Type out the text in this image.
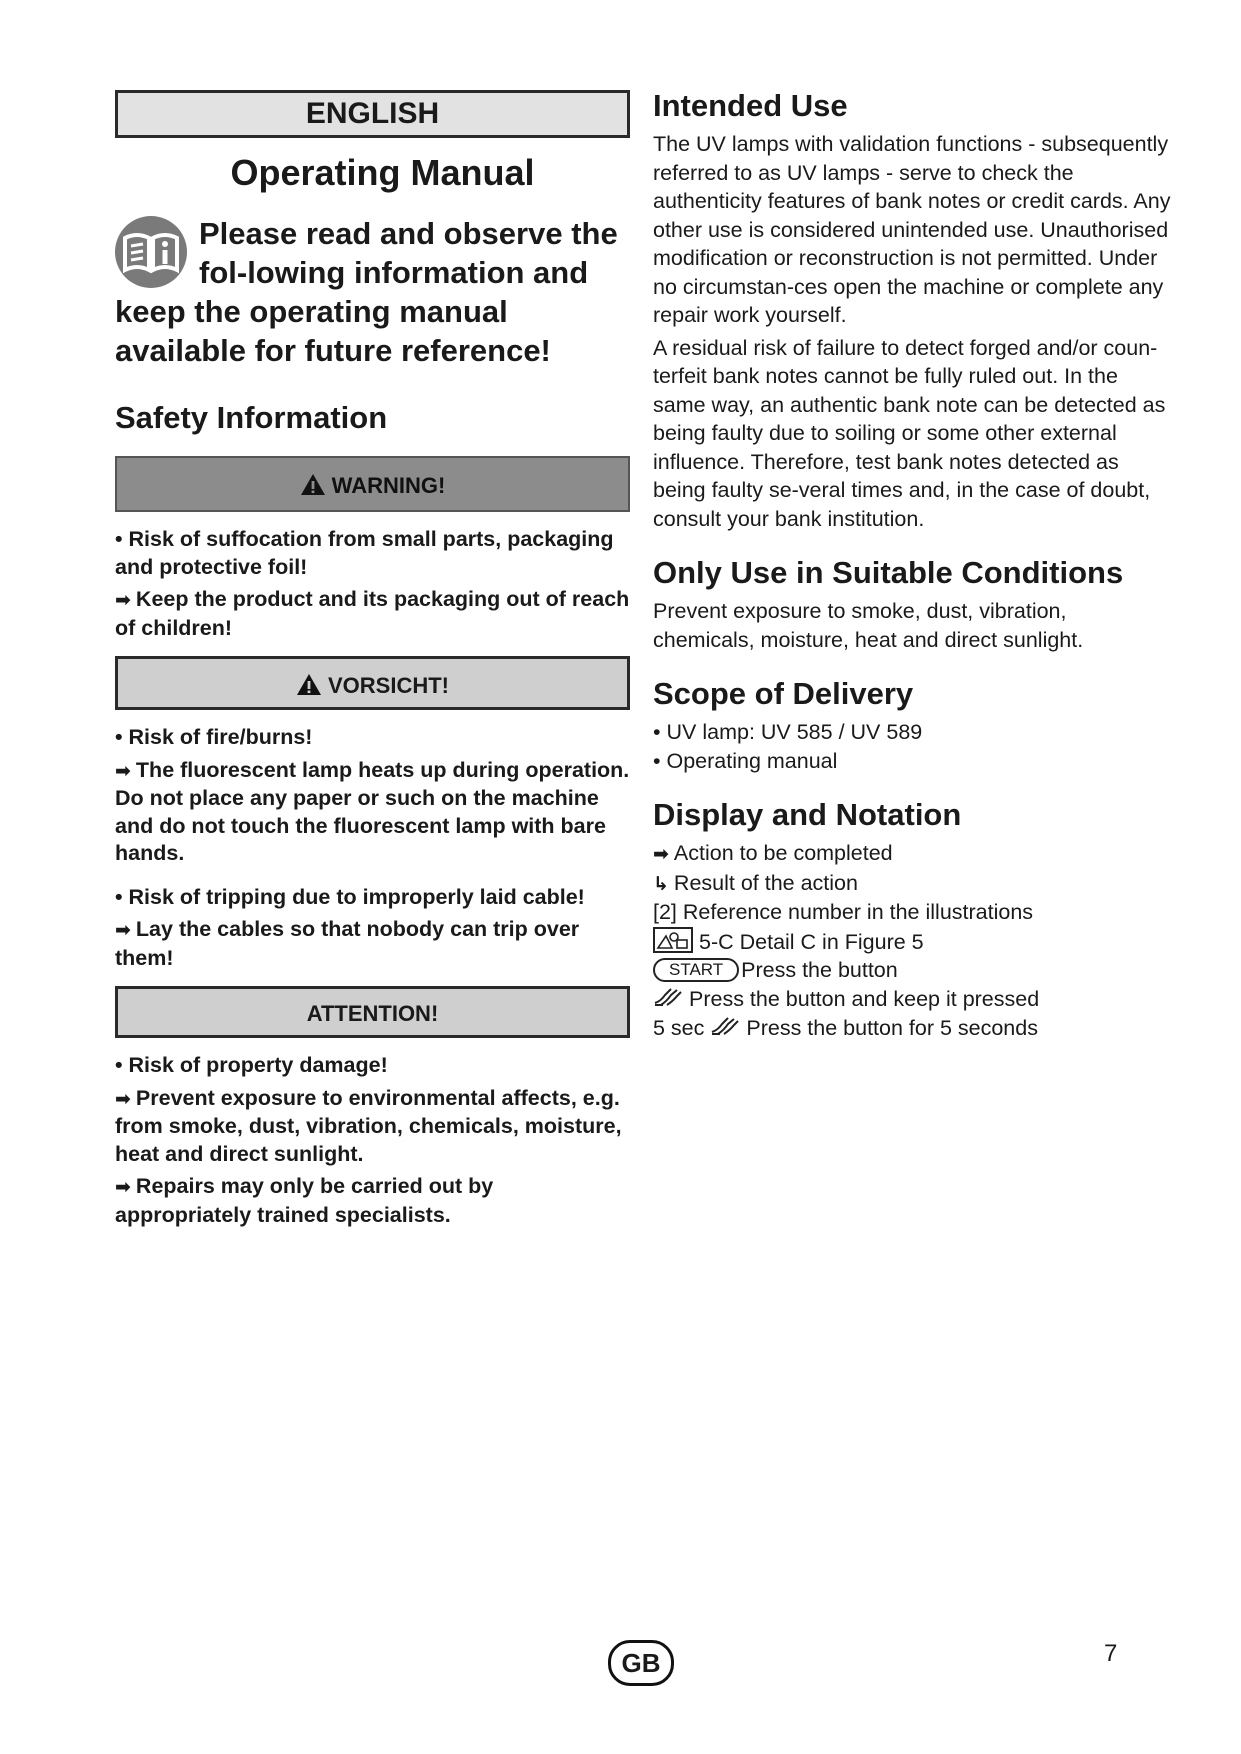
ENGLISH
Operating Manual
Please read and observe the fol-lowing information and keep the operating manual available for future reference!
Safety Information
WARNING!
• Risk of suffocation from small parts, packaging and protective foil!
➡ Keep the product and its packaging out of reach of children!
VORSICHT!
• Risk of fire/burns!
➡ The fluorescent lamp heats up during operation. Do not place any paper or such on the machine and do not touch the fluorescent lamp with bare hands.
• Risk of tripping due to improperly laid cable!
➡ Lay the cables so that nobody can trip over them!
ATTENTION!
• Risk of property damage!
➡ Prevent exposure to environmental affects, e.g. from smoke, dust, vibration, chemicals, moisture, heat and direct sunlight.
➡ Repairs may only be carried out by appropriately trained specialists.
Intended Use
The UV lamps with validation functions - subsequently referred to as UV lamps - serve to check the authenticity features of bank notes or credit cards. Any other use is considered unintended use. Unauthorised modification or reconstruction is not permitted. Under no circumstan-ces open the machine or complete any repair work yourself.
A residual risk of failure to detect forged and/or coun-terfeit bank notes cannot be fully ruled out. In the same way, an authentic bank note can be detected as being faulty due to soiling or some other external influence. Therefore, test bank notes detected as being faulty se-veral times and, in the case of doubt, consult your bank institution.
Only Use in Suitable Conditions
Prevent exposure to smoke, dust, vibration, chemicals, moisture, heat and direct sunlight.
Scope of Delivery
• UV lamp: UV 585 / UV 589
• Operating manual
Display and Notation
➡ Action to be completed
↳ Result of the action
[2] Reference number in the illustrations
5-C Detail C in Figure 5
START Press the button
Press the button and keep it pressed
5 sec Press the button for 5 seconds
GB	7
